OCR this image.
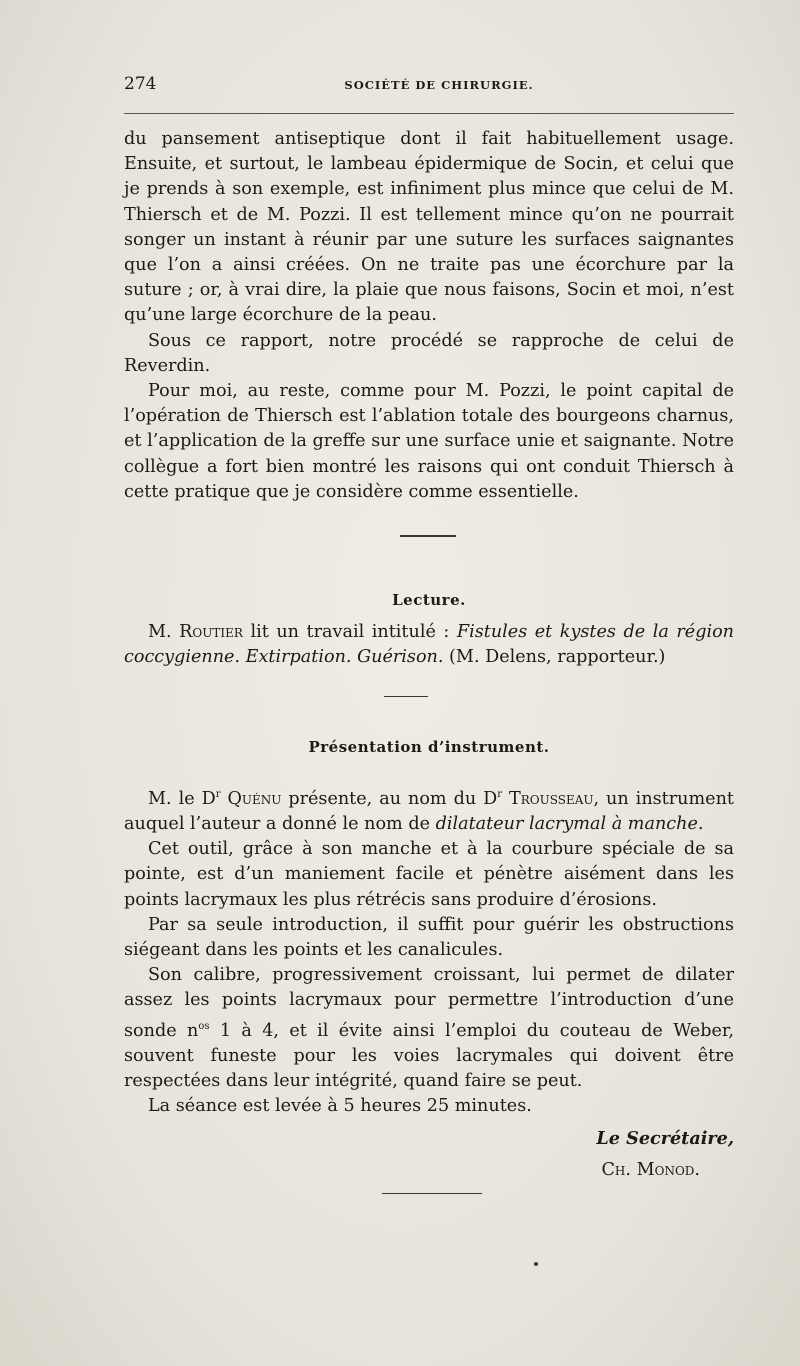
274	SOCIÉTÉ DE CHIRURGIE.

du pansement antiseptique dont il fait habituellement usage. Ensuite, et surtout, le lambeau épidermique de Socin, et celui que je prends à son exemple, est infiniment plus mince que celui de M. Thiersch et de M. Pozzi. Il est tellement mince qu’on ne pourrait songer un instant à réunir par une suture les surfaces saignantes que l’on a ainsi créées. On ne traite pas une écorchure par la suture ; or, à vrai dire, la plaie que nous faisons, Socin et moi, n’est qu’une large écorchure de la peau.

Sous ce rapport, notre procédé se rapproche de celui de Reverdin.

Pour moi, au reste, comme pour M. Pozzi, le point capital de l’opération de Thiersch est l’ablation totale des bourgeons charnus, et l’application de la greffe sur une surface unie et saignante. Notre collègue a fort bien montré les raisons qui ont conduit Thiersch à cette pratique que je considère comme essentielle.

Lecture.

M. Routier lit un travail intitulé : Fistules et kystes de la région coccygienne. Extirpation. Guérison. (M. Delens, rapporteur.)

Présentation d’instrument.

M. le $D^r$ Quénu présente, au nom du $D^r$ Trousseau, un instrument auquel l’auteur a donné le nom de dilatateur lacrymal à manche.

Cet outil, grâce à son manche et à la courbure spéciale de sa pointe, est d’un maniement facile et pénètre aisément dans les points lacrymaux les plus rétrécis sans produire d’érosions.

Par sa seule introduction, il suffit pour guérir les obstructions siégeant dans les points et les canalicules.

Son calibre, progressivement croissant, lui permet de dilater assez les points lacrymaux pour permettre l’introduction d’une sonde $n^{os}$ 1 à 4, et il évite ainsi l’emploi du couteau de Weber, souvent funeste pour les voies lacrymales qui doivent être respectées dans leur intégrité, quand faire se peut.

La séance est levée à 5 heures 25 minutes.

Le Secrétaire,
Ch. Monod.
